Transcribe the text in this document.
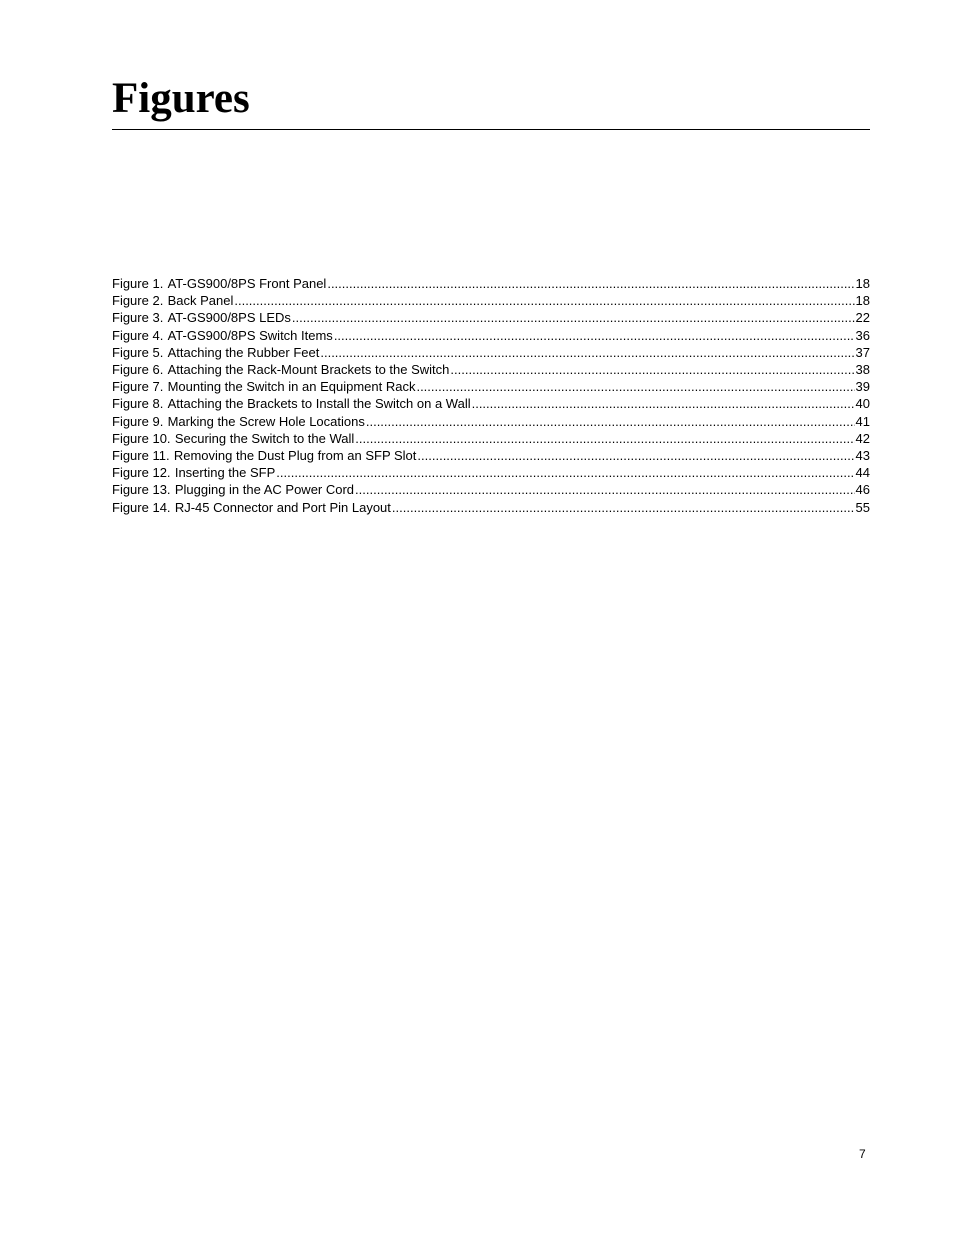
Figures
Figure 1. AT-GS900/8PS Front Panel .....	18
Figure 2. Back Panel .....	18
Figure 3. AT-GS900/8PS LEDs .....	22
Figure 4. AT-GS900/8PS Switch Items .....	36
Figure 5. Attaching the Rubber Feet .....	37
Figure 6. Attaching the Rack-Mount Brackets to the Switch .....	38
Figure 7. Mounting the Switch in an Equipment Rack .....	39
Figure 8. Attaching the Brackets to Install the Switch on a Wall .....	40
Figure 9. Marking the Screw Hole Locations .....	41
Figure 10. Securing the Switch to the Wall .....	42
Figure 11. Removing the Dust Plug from an SFP Slot .....	43
Figure 12. Inserting the SFP .....	44
Figure 13. Plugging in the AC Power Cord .....	46
Figure 14. RJ-45 Connector and Port Pin Layout .....	55
7
